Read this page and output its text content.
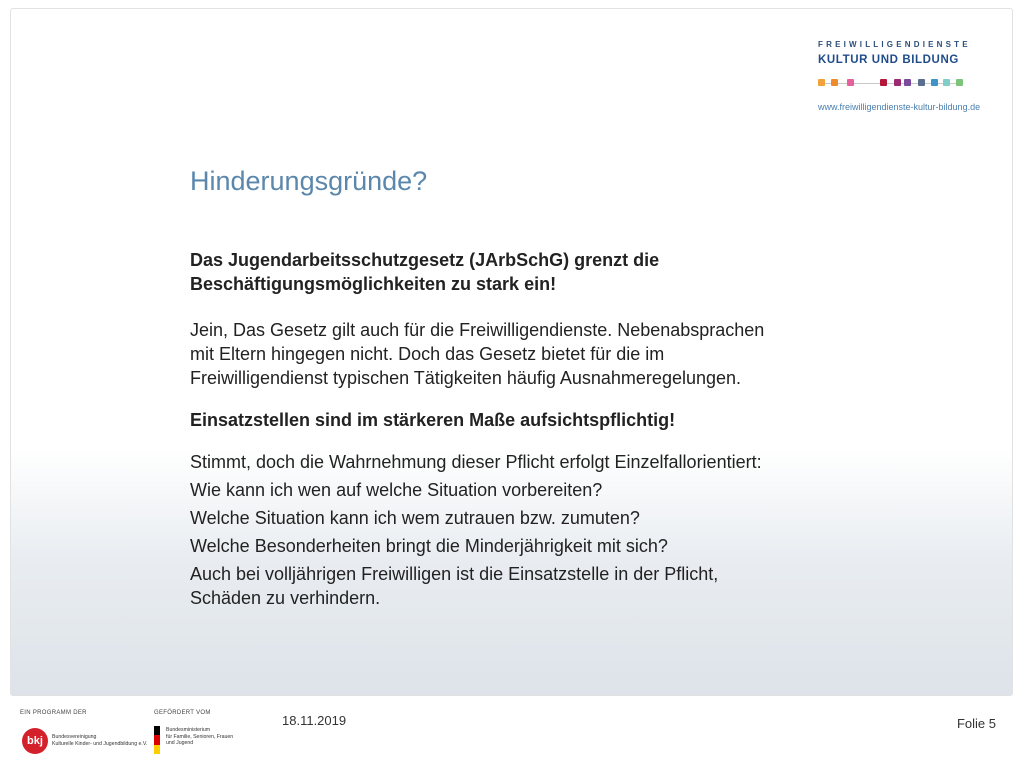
FREIWILLIGENDIENSTE
KULTUR UND BILDUNG
www.freiwilligendienste-kultur-bildung.de
Hinderungsgründe?

Das Jugendarbeitsschutzgesetz (JArbSchG) grenzt die
Beschäftigungsmöglichkeiten zu stark ein!

Jein, Das Gesetz gilt auch für die Freiwilligendienste. Nebenabsprachen
mit Eltern hingegen nicht. Doch das Gesetz bietet für die im
Freiwilligendienst typischen Tätigkeiten häufig Ausnahmeregelungen.

Einsatzstellen sind im stärkeren Maße aufsichtspflichtig!

Stimmt, doch die Wahrnehmung dieser Pflicht erfolgt Einzelfallorientiert:

Wie kann ich wen auf welche Situation vorbereiten?

Welche Situation kann ich wem zutrauen bzw. zumuten?

Welche Besonderheiten bringt die Minderjährigkeit mit sich?

Auch bei volljährigen Freiwilligen ist die Einsatzstelle in der Pflicht,
Schäden zu verhindern.

EIN PROGRAMM DER
bkj	Bundesvereinigung
Kulturelle Kinder- und Jugendbildung e.V.
GEFÖRDERT VOM
Bundesministerium
für Familie, Senioren, Frauen
und Jugend
18.11.2019	Folie 5
